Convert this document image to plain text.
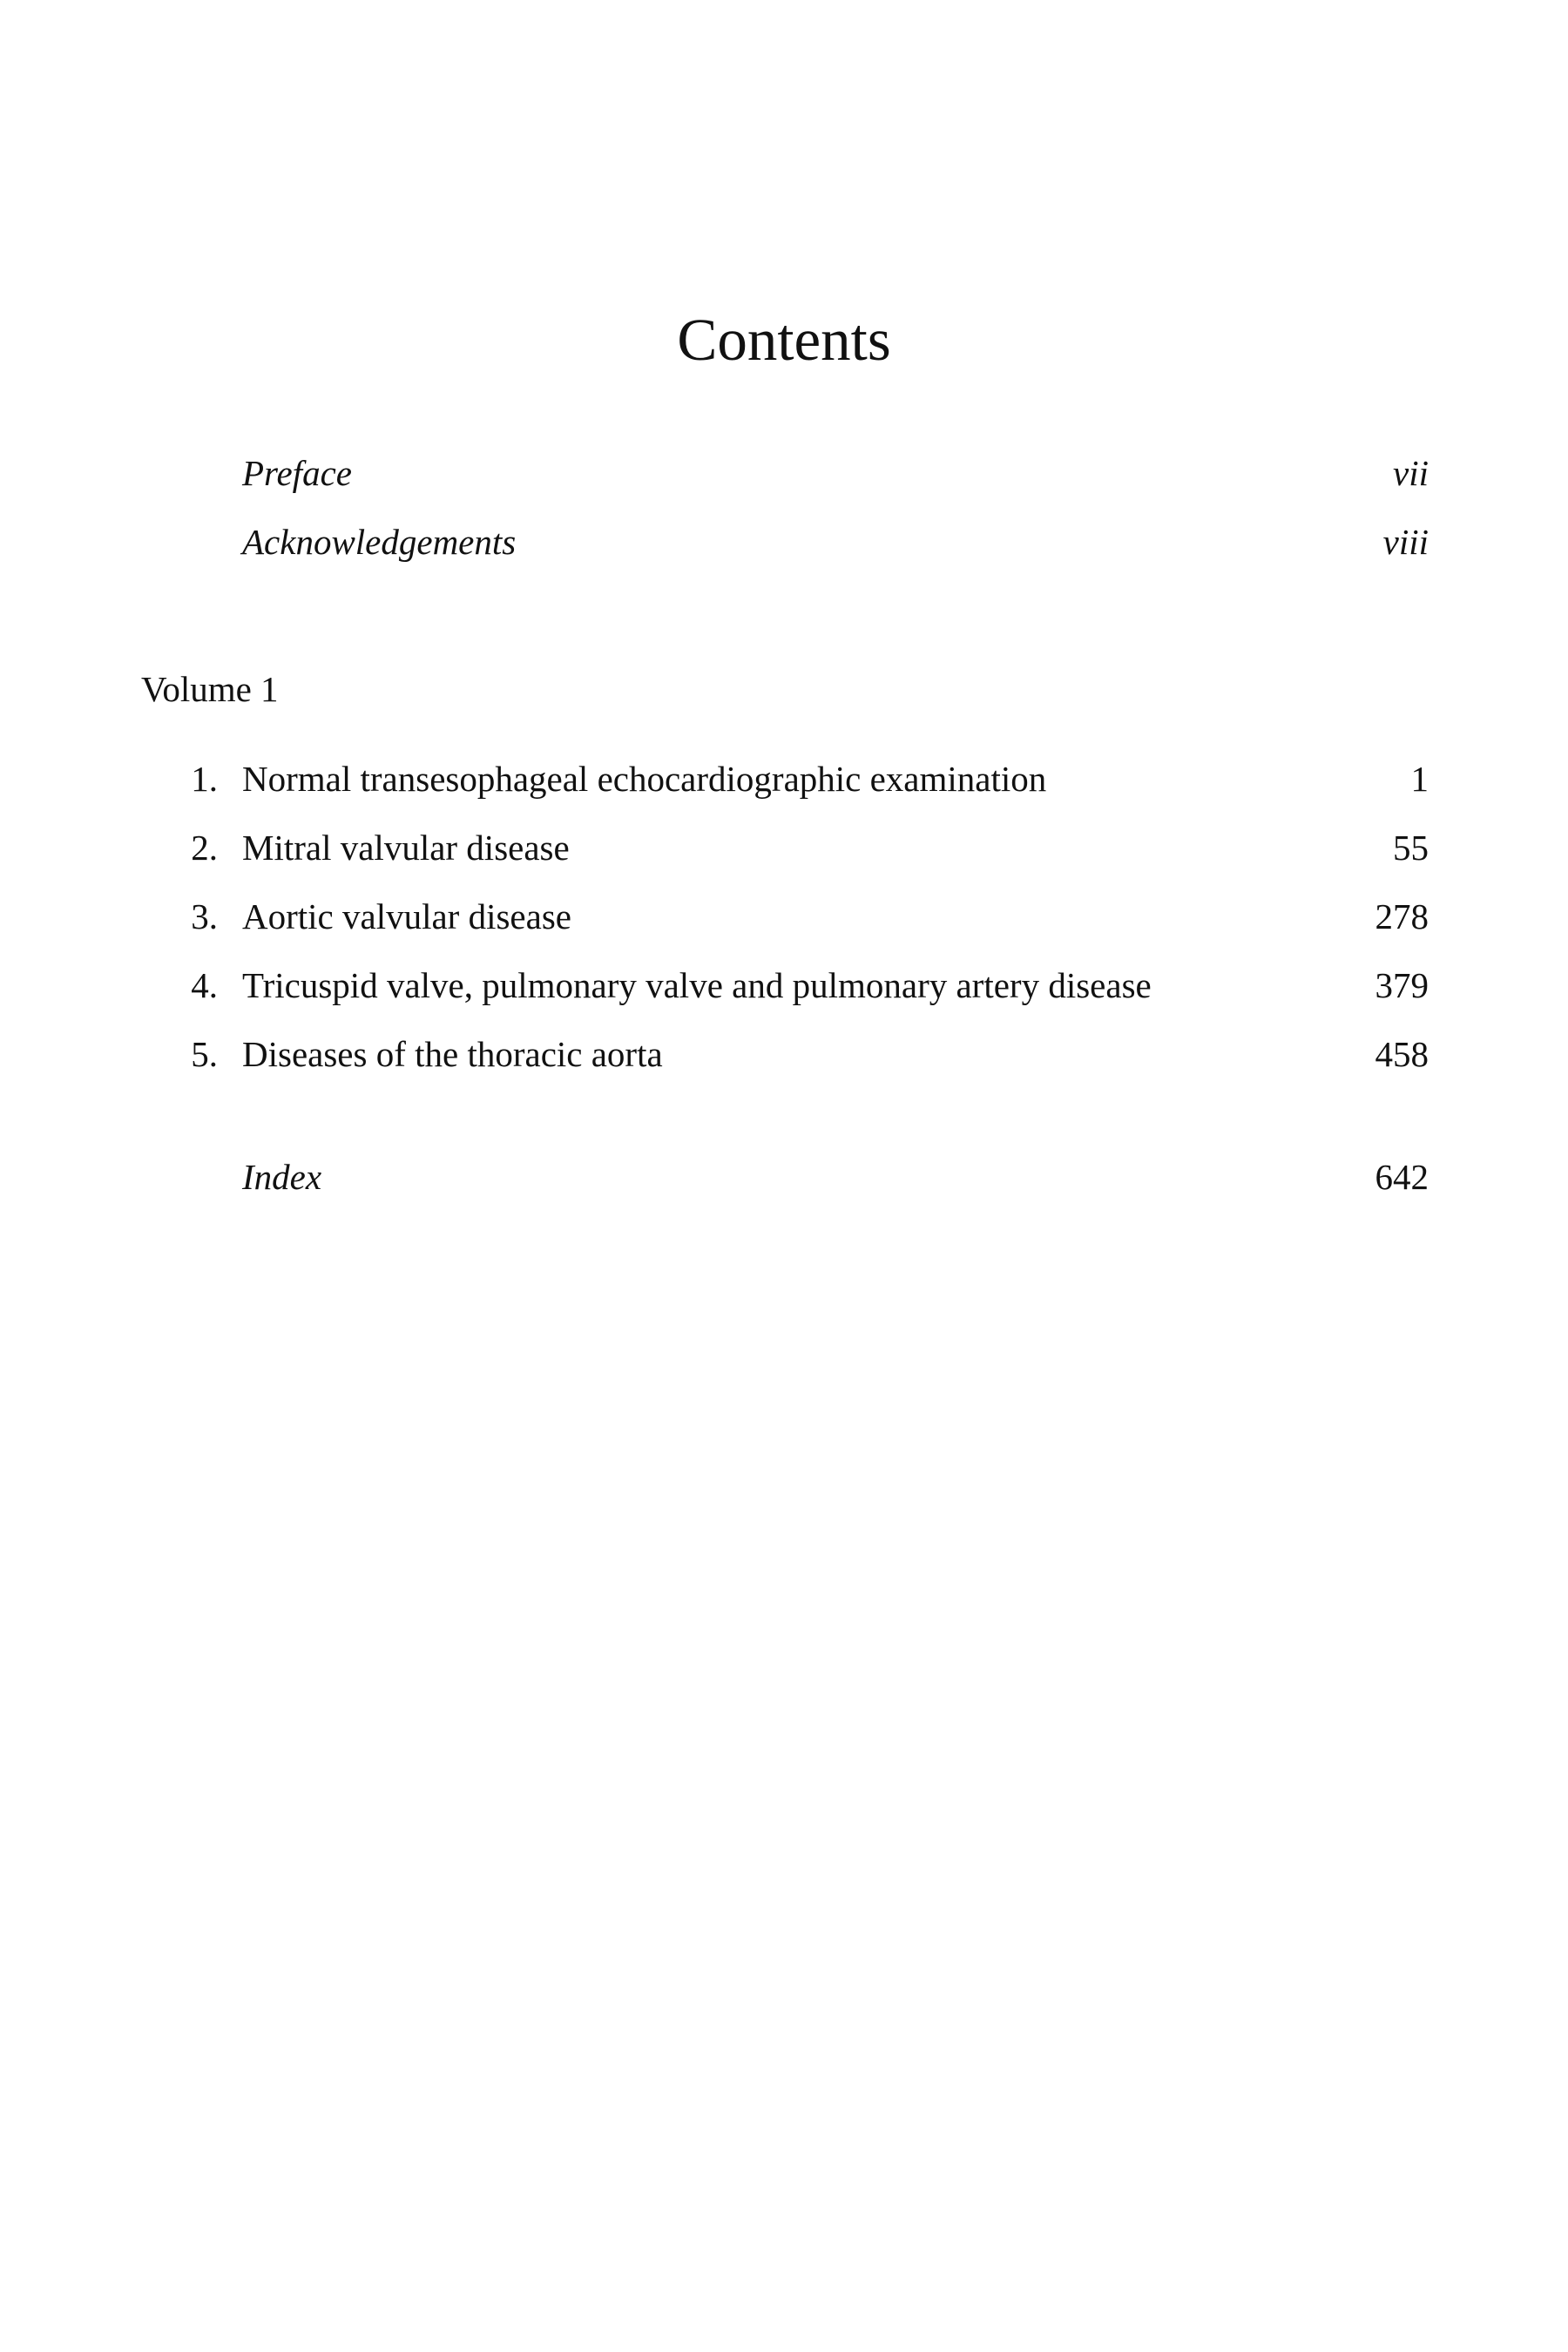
Contents
Preface	vii
Acknowledgements	viii
Volume 1
1. Normal transesophageal echocardiographic examination	1
2. Mitral valvular disease	55
3. Aortic valvular disease	278
4. Tricuspid valve, pulmonary valve and pulmonary artery disease	379
5. Diseases of the thoracic aorta	458
Index	642
